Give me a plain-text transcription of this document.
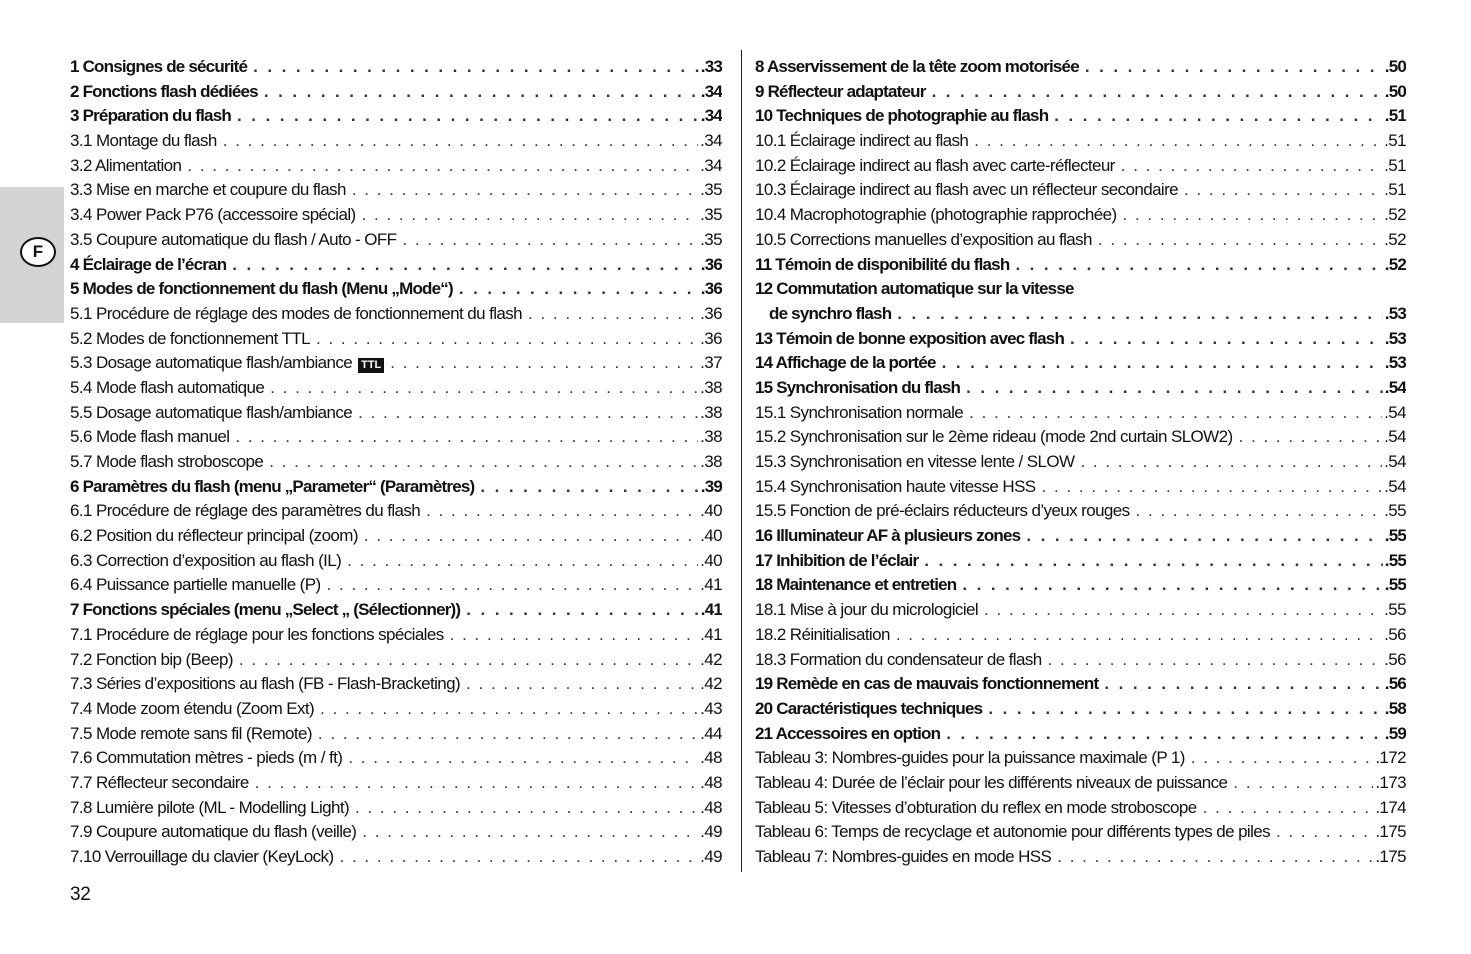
F
1 Consignes de sécurité . . .	.33
2 Fonctions flash dédiées . . .	.34
3 Préparation du flash . . .	.34
3.1 Montage du flash . . .	.34
3.2 Alimentation . . .	.34
3.3 Mise en marche et coupure du flash . . .	.35
3.4 Power Pack P76 (accessoire spécial) . . .	.35
3.5 Coupure automatique du flash / Auto - OFF . . .	.35
4 Éclairage de l’écran . . .	.36
5 Modes de fonctionnement du flash (Menu „Mode“) . . .	.36
5.1 Procédure de réglage des modes de fonctionnement du flash . . .	.36
5.2 Modes de fonctionnement TTL . . .	.36
5.3 Dosage automatique flash/ambiance TTL . . .	.37
5.4 Mode flash automatique . . .	.38
5.5 Dosage automatique flash/ambiance . . .	.38
5.6 Mode flash manuel . . .	.38
5.7 Mode flash stroboscope . . .	.38
6 Paramètres du flash (menu „Parameter“ (Paramètres) . . .	.39
6.1 Procédure de réglage des paramètres du flash . . .	.40
6.2 Position du réflecteur principal (zoom) . . .	.40
6.3 Correction d’exposition au flash (IL) . . .	.40
6.4 Puissance partielle manuelle (P) . . .	.41
7 Fonctions spéciales (menu „Select „ (Sélectionner)) . . .	.41
7.1 Procédure de réglage pour les fonctions spéciales . . .	.41
7.2 Fonction bip (Beep) . . .	.42
7.3 Séries d’expositions au flash (FB - Flash-Bracketing) . . .	.42
7.4 Mode zoom étendu (Zoom Ext) . . .	.43
7.5 Mode remote sans fil (Remote) . . .	.44
7.6 Commutation mètres - pieds (m / ft) . . .	.48
7.7 Réflecteur secondaire . . .	.48
7.8 Lumière pilote (ML - Modelling Light) . . .	.48
7.9 Coupure automatique du flash (veille) . . .	.49
7.10 Verrouillage du clavier (KeyLock) . . .	.49
8 Asservissement de la tête zoom motorisée . . .	.50
9 Réflecteur adaptateur . . .	.50
10 Techniques de photographie au flash . . .	.51
10.1 Éclairage indirect au flash . . .	.51
10.2 Éclairage indirect au flash avec carte-réflecteur . . .	.51
10.3 Éclairage indirect au flash avec un réflecteur secondaire . . .	.51
10.4 Macrophotographie (photographie rapprochée) . . .	.52
10.5 Corrections manuelles d’exposition au flash . . .	.52
11 Témoin de disponibilité du flash . . .	.52
12 Commutation automatique sur la vitesse
de synchro flash . . .	.53
13 Témoin de bonne exposition avec flash . . .	.53
14 Affichage de la portée . . .	.53
15 Synchronisation du flash . . .	.54
15.1 Synchronisation normale . . .	.54
15.2 Synchronisation sur le 2ème rideau (mode 2nd curtain SLOW2) . . .	.54
15.3 Synchronisation en vitesse lente / SLOW . . .	.54
15.4 Synchronisation haute vitesse HSS . . .	.54
15.5 Fonction de pré-éclairs réducteurs d’yeux rouges . . .	.55
16 Illuminateur AF à plusieurs zones . . .	.55
17 Inhibition de l’éclair . . .	.55
18 Maintenance et entretien . . .	.55
18.1 Mise à jour du micrologiciel . . .	.55
18.2 Réinitialisation . . .	.56
18.3 Formation du condensateur de flash . . .	.56
19 Remède en cas de mauvais fonctionnement . . .	.56
20 Caractéristiques techniques . . .	.58
21 Accessoires en option . . .	.59
Tableau 3: Nombres-guides pour la puissance maximale (P 1) . . .	.172
Tableau 4: Durée de l’éclair pour les différents niveaux de puissance . . .	.173
Tableau 5: Vitesses d’obturation du reflex en mode stroboscope . . .	.174
Tableau 6: Temps de recyclage et autonomie pour différents types de piles . . .	.175
Tableau 7: Nombres-guides en mode HSS . . .	.175
32
